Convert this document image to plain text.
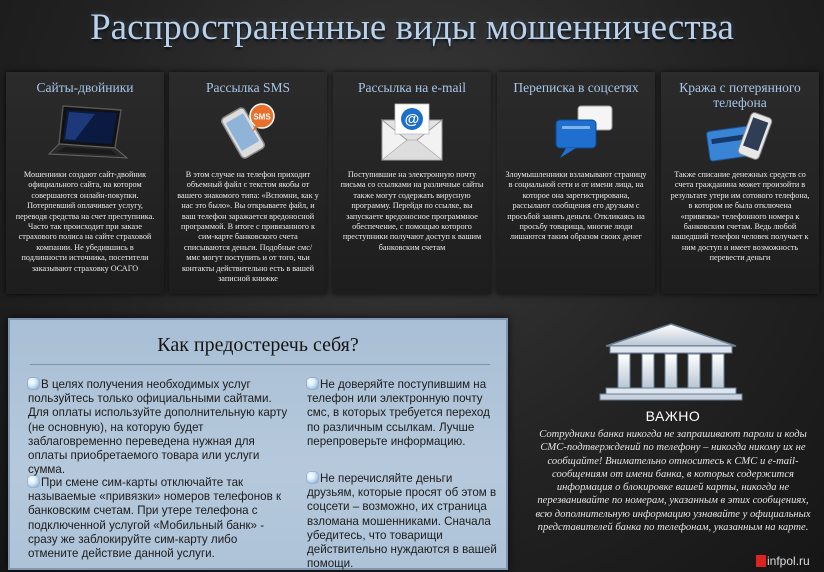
Распространенные виды мошенничества
Сайты-двойники
Мошенники создают сайт-двойник официального сайта, на котором совершаются онлайн-покупки. Потерпевший оплачивает услугу, переводя средства на счет преступника. Часто так происходит при заказе страхового полиса на сайте страховой компании. Не убедившись в подлинности источника, посетители заказывают страховку ОСАГО
Рассылка SMS
SMS
В этом случае на телефон приходит объемный файл с текстом якобы от вашего знакомого типа: «Вспомни, как у нас это было». Вы открываете файл, и ваш телефон заражается вредоносной программой. В итоге с привязанного к сим-карте банковского счета списываются деньги. Подобные смс/ ммс могут поступить и от того, чьи контакты действительно есть в вашей записной книжке
Рассылка на e-mail
@
Поступившие на электронную почту письма со ссылками на различные сайты также могут содержать вирусную программу. Перейдя по ссылке, вы запускаете вредоносное программное обеспечение, с помощью которого преступники получают доступ к вашим банковским счетам
Переписка в соцсетях
Злоумышленники взламывают страницу в социальной сети и от имени лица, на которое она зарегистрирована, рассылают сообщения его друзьям с просьбой занять деньги. Откликаясь на просьбу товарища, многие люди лишаются таким образом своих денег
Кража с потерянного телефона
Также списание денежных средств со счета гражданина может произойти в результате утери им сотового телефона, в котором не была отключена «привязка» телефонного номера к банковским счетам. Ведь любой нашедший телефон человек получает к ним доступ и имеет возможность перевести деньги
Как предостеречь себя?
В целях получения необходимых услуг пользуйтесь только официальными сайтами. Для оплаты используйте дополнительную карту (не основную), на которую будет заблаговременно переведена нужная для оплаты приобретаемого товара или услуги сумма.
При смене сим-карты отключайте так называемые «привязки» номеров телефонов к банковским счетам. При утере телефона с подключенной услугой «Мобильный банк» - сразу же заблокируйте сим-карту либо отмените действие данной услуги.
Не доверяйте поступившим на телефон или электронную почту смс, в которых требуется переход по различным ссылкам. Лучше перепроверьте информацию.
Не перечисляйте деньги друзьям, которые просят об этом в соцсети – возможно, их страница взломана мошенниками. Сначала убедитесь, что товарищи действительно нуждаются в вашей помощи.
ВАЖНО
Сотрудники банка никогда не запрашивают пароли и коды СМС-подтверждений по телефону – никогда никому их не сообщайте! Внимательно относитесь к СМС и e-mail-сообщениям от имени банка, в которых содержится информация о блокировке вашей карты, никогда не перезванивайте по номерам, указанным в этих сообщениях, всю дополнительную информацию узнавайте у официальных представителей банка по телефонам, указанным на карте.
infpol.ru
